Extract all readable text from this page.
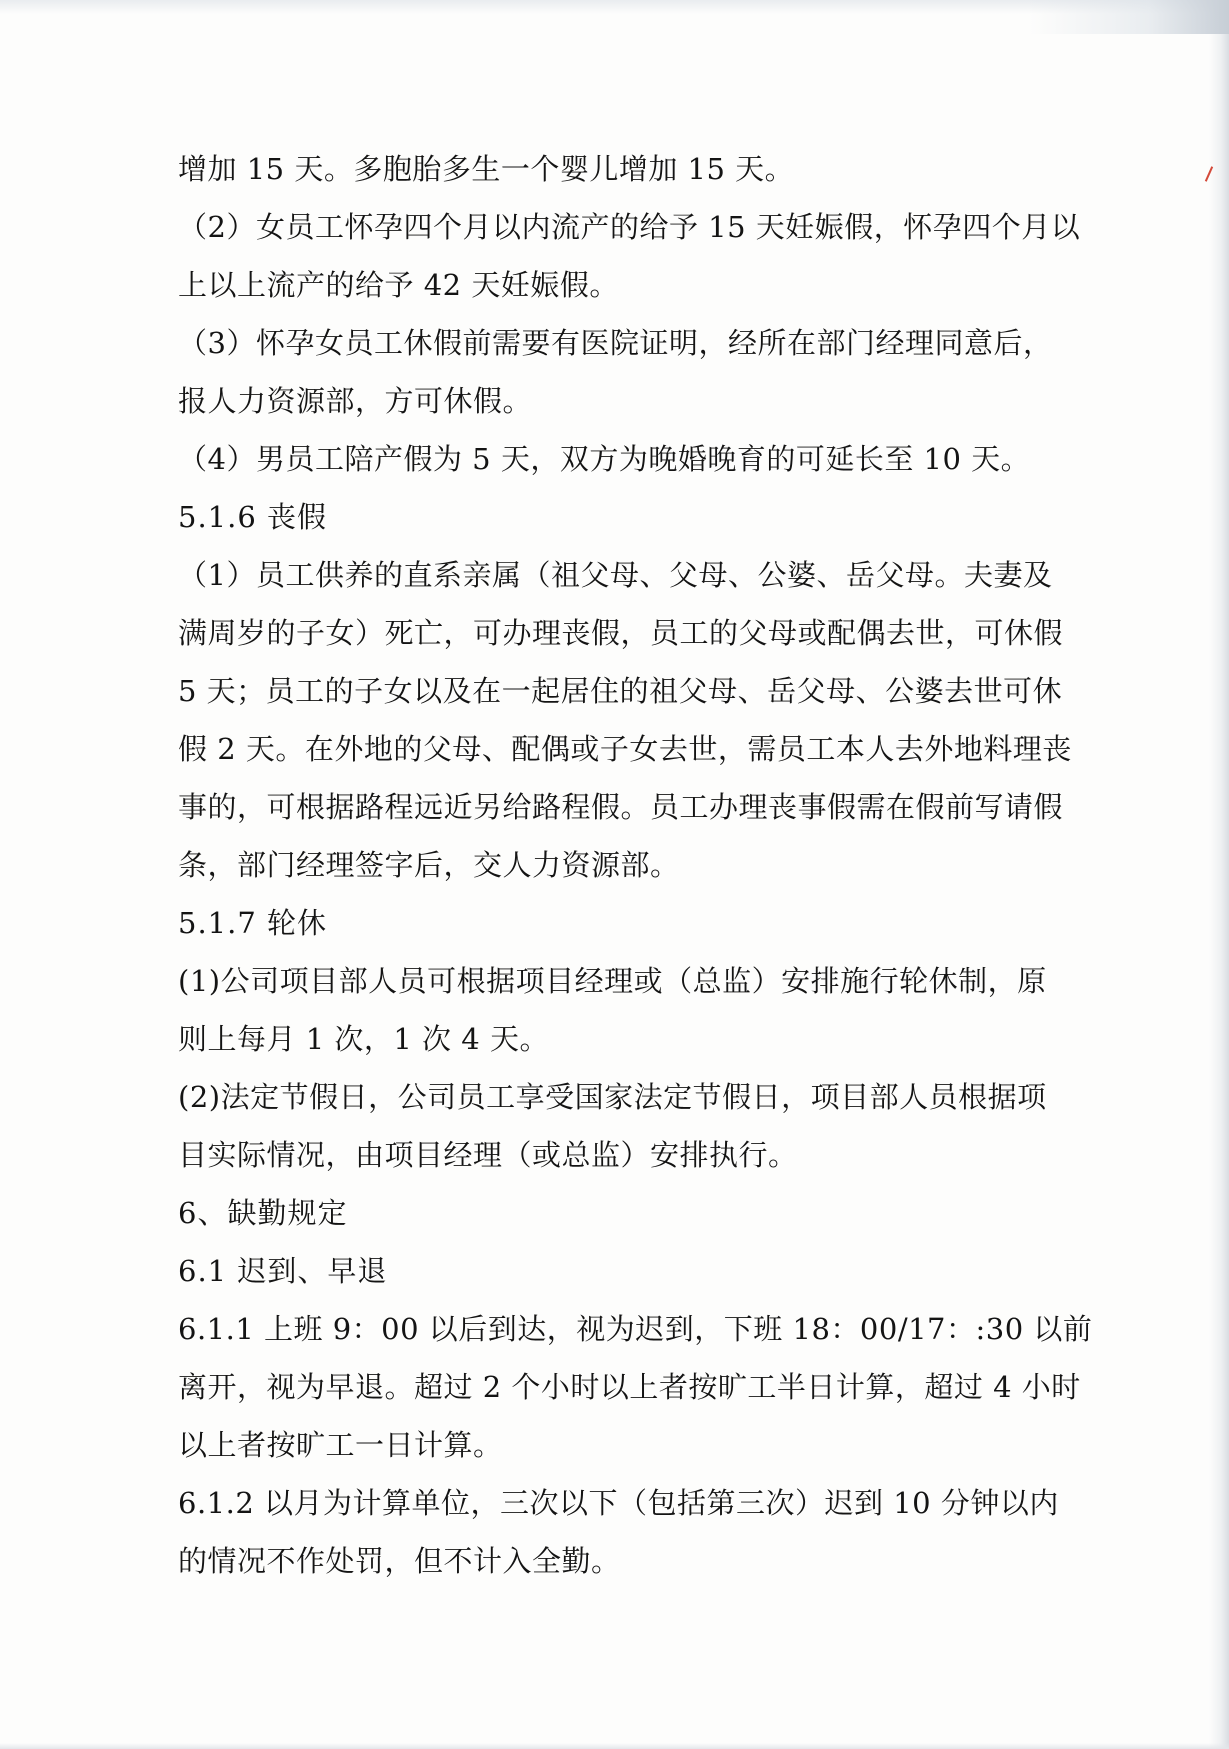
增加 15 天。多胞胎多生一个婴儿增加 15 天。
（2）女员工怀孕四个月以内流产的给予 15 天妊娠假，怀孕四个月以
上以上流产的给予 42 天妊娠假。
（3）怀孕女员工休假前需要有医院证明，经所在部门经理同意后，
报人力资源部，方可休假。
（4）男员工陪产假为 5 天，双方为晚婚晚育的可延长至 10 天。
5.1.6 丧假
（1）员工供养的直系亲属（祖父母、父母、公婆、岳父母。夫妻及
满周岁的子女）死亡，可办理丧假，员工的父母或配偶去世，可休假
5 天；员工的子女以及在一起居住的祖父母、岳父母、公婆去世可休
假 2 天。在外地的父母、配偶或子女去世，需员工本人去外地料理丧
事的，可根据路程远近另给路程假。员工办理丧事假需在假前写请假
条，部门经理签字后，交人力资源部。
5.1.7 轮休
(1)公司项目部人员可根据项目经理或（总监）安排施行轮休制，原
则上每月 1 次，1 次 4 天。
(2)法定节假日，公司员工享受国家法定节假日，项目部人员根据项
目实际情况，由项目经理（或总监）安排执行。
6、缺勤规定
6.1 迟到、早退
6.1.1 上班 9：00 以后到达，视为迟到，下班 18：00/17：:30 以前
离开，视为早退。超过 2 个小时以上者按旷工半日计算，超过 4 小时
以上者按旷工一日计算。
6.1.2 以月为计算单位，三次以下（包括第三次）迟到 10 分钟以内
的情况不作处罚，但不计入全勤。
